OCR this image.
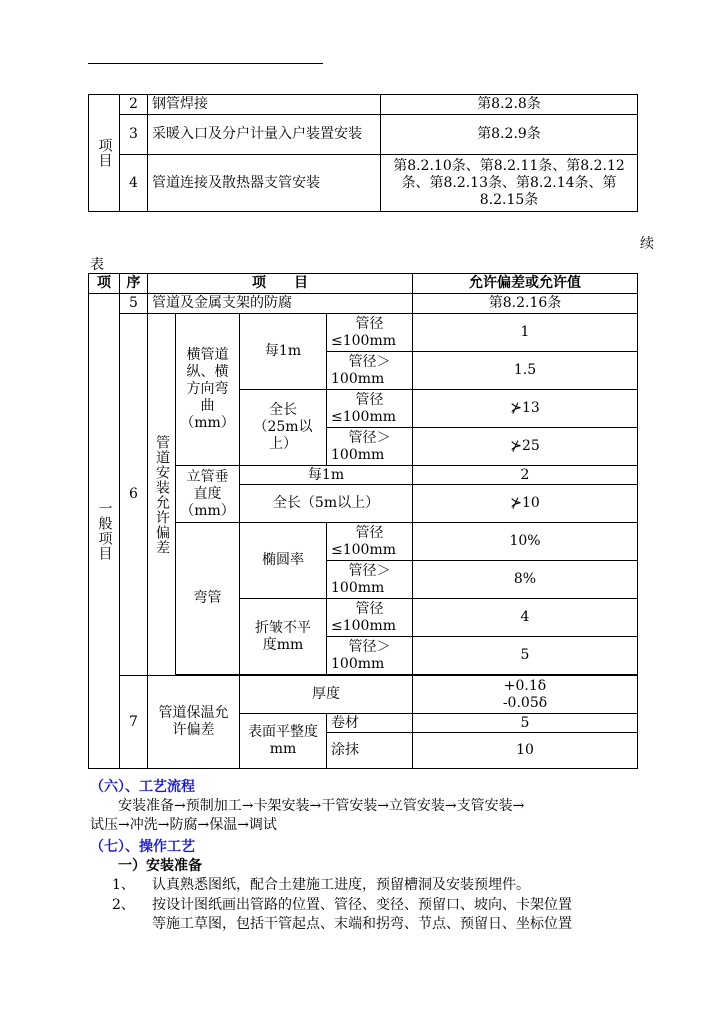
项目	2	钢管焊接	第8.2.8条
	3	采暖入口及分户计量入户装置安装	第8.2.9条
	4	管道连接及散热器支管安装	第8.2.10条、第8.2.11条、第8.2.12条、第8.2.13条、第8.2.14条、第8.2.15条
续
表
项	序	项　　目				允许偏差或允许值

一般项目	5	管道及金属支架的防腐				第8.2.16条
	6	管道安装允许偏差	横管道纵、横方向弯曲（mm）	每1m	管径≤100mm	1
					管径＞100mm	1.5
				全长（25m以上）	管径≤100mm	⊁13
					管径＞100mm	⊁25
			立管垂直度（mm）	每1m		2
				全长（5m以上）		⊁10
			弯管	椭圆率	管径≤100mm	10%
					管径＞100mm	8%
				折皱不平度mm	管径≤100mm	4
					管径＞100mm	5

	7	管道保温允许偏差		厚度		+0.1δ
-0.05δ

				表面平整度mm	卷材	5
					涂抹	10
（六）、工艺流程
安装准备→预制加工→卡架安装→干管安装→立管安装→支管安装→
试压→冲洗→防腐→保温→调试
（七）、操作工艺
一）安装准备
1、 认真熟悉图纸，配合土建施工进度，预留槽洞及安装预埋件。
2、 按设计图纸画出管路的位置、管径、变径、预留口、坡向、卡架位置
等施工草图，包括干管起点、末端和拐弯、节点、预留日、坐标位置
